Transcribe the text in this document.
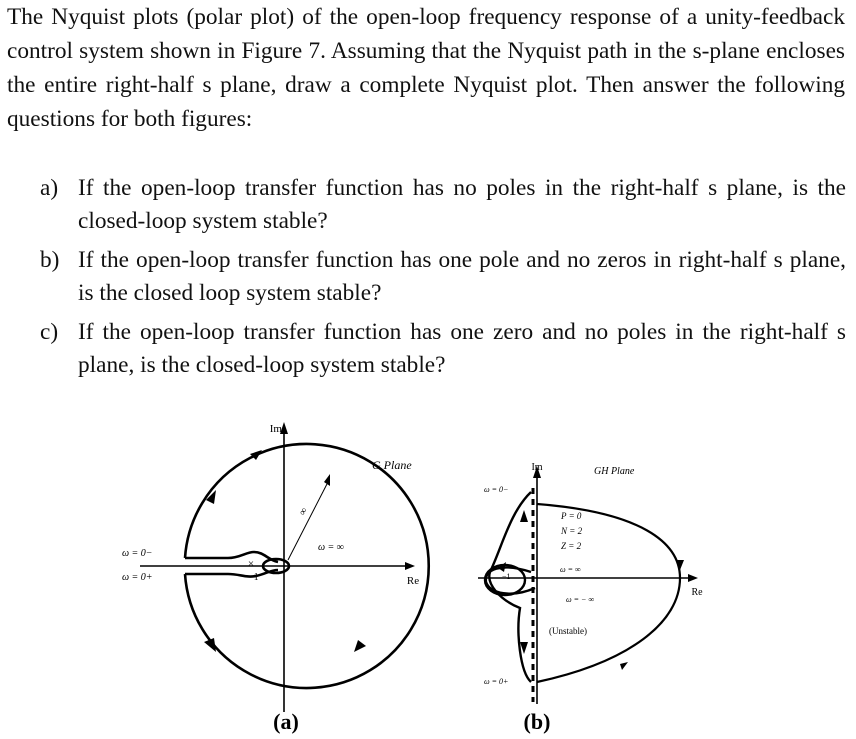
The Nyquist plots (polar plot) of the open-loop frequency response of a unity-feedback control system shown in Figure 7. Assuming that the Nyquist path in the s-plane encloses the entire right-half s plane, draw a complete Nyquist plot. Then answer the following questions for both figures:

a) If the open-loop transfer function has no poles in the right-half s plane, is the closed-loop system stable?
b) If the open-loop transfer function has one pole and no zeros in right-half s plane, is the closed loop system stable?
c) If the open-loop transfer function has one zero and no poles in the right-half s plane, is the closed-loop system stable?
Im
Re
G Plane
ω = 0−
ω = 0+
ω = ∞
∞
−1
×
(a)
Im
Re
GH Plane
ω = 0−
ω = 0+
ω = ∞
ω = − ∞
P = 0
N = 2
Z = 2
(Unstable)
−1
(b)
